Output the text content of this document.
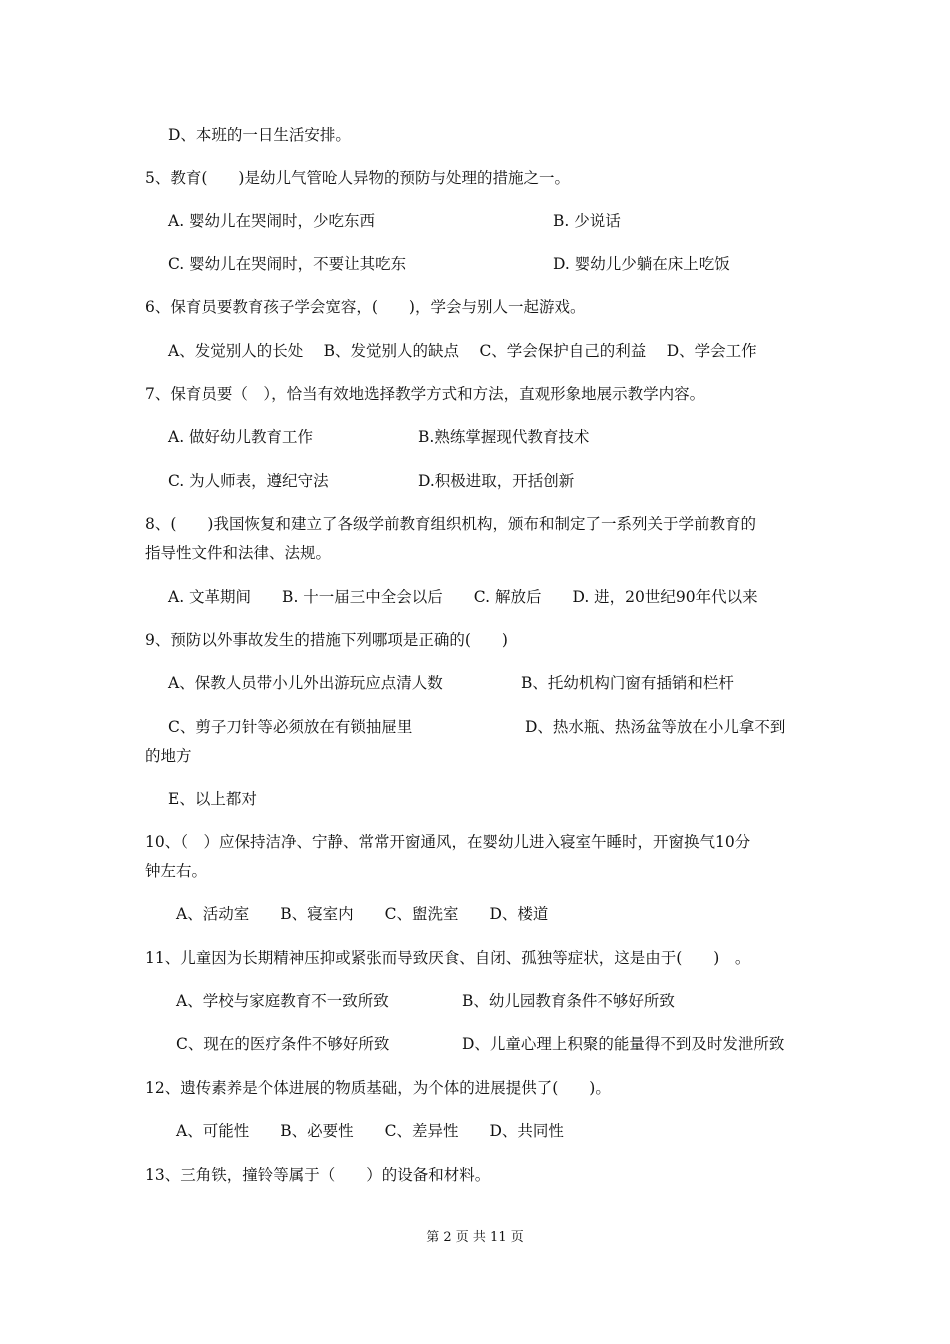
D、本班的一日生活安排。
5、教育(　　)是幼儿气管呛人异物的预防与处理的措施之一。
A. 婴幼儿在哭闹时，少吃东西	B. 少说话
C. 婴幼儿在哭闹时，不要让其吃东	D. 婴幼儿少躺在床上吃饭
6、保育员要教育孩子学会宽容，(　　)，学会与别人一起游戏。
A、发觉别人的长处　 B、发觉别人的缺点　 C、学会保护自己的利益　 D、学会工作
7、保育员要（　），恰当有效地选择教学方式和方法，直观形象地展示教学内容。
A. 做好幼儿教育工作	B.熟练掌握现代教育技术
C. 为人师表，遵纪守法	D.积极进取，开括创新
8、(　　)我国恢复和建立了各级学前教育组织机构，颁布和制定了一系列关于学前教育的
指导性文件和法律、法规。
A. 文革期间　　B. 十一届三中全会以后　　C. 解放后　　D. 进，20世纪90年代以来
9、预防以外事故发生的措施下列哪项是正确的(　　)
A、保教人员带小儿外出游玩应点清人数	B、托幼机构门窗有插销和栏杆
C、剪子刀针等必须放在有锁抽屉里	D、热水瓶、热汤盆等放在小儿拿不到
的地方
E、以上都对
10、（　）应保持洁净、宁静、常常开窗通风，在婴幼儿进入寝室午睡时，开窗换气10分
钟左右。
A、活动室　　B、寝室内　　C、盥洗室　　D、楼道
11、儿童因为长期精神压抑或紧张而导致厌食、自闭、孤独等症状，这是由于(　　)　。
A、学校与家庭教育不一致所致	B、幼儿园教育条件不够好所致
C、现在的医疗条件不够好所致	D、儿童心理上积聚的能量得不到及时发泄所致
12、遗传素养是个体进展的物质基础，为个体的进展提供了(　　)。
A、可能性　　B、必要性　　C、差异性　　D、共同性
13、三角铁，撞铃等属于（　　）的设备和材料。
第 2 页 共 11 页
